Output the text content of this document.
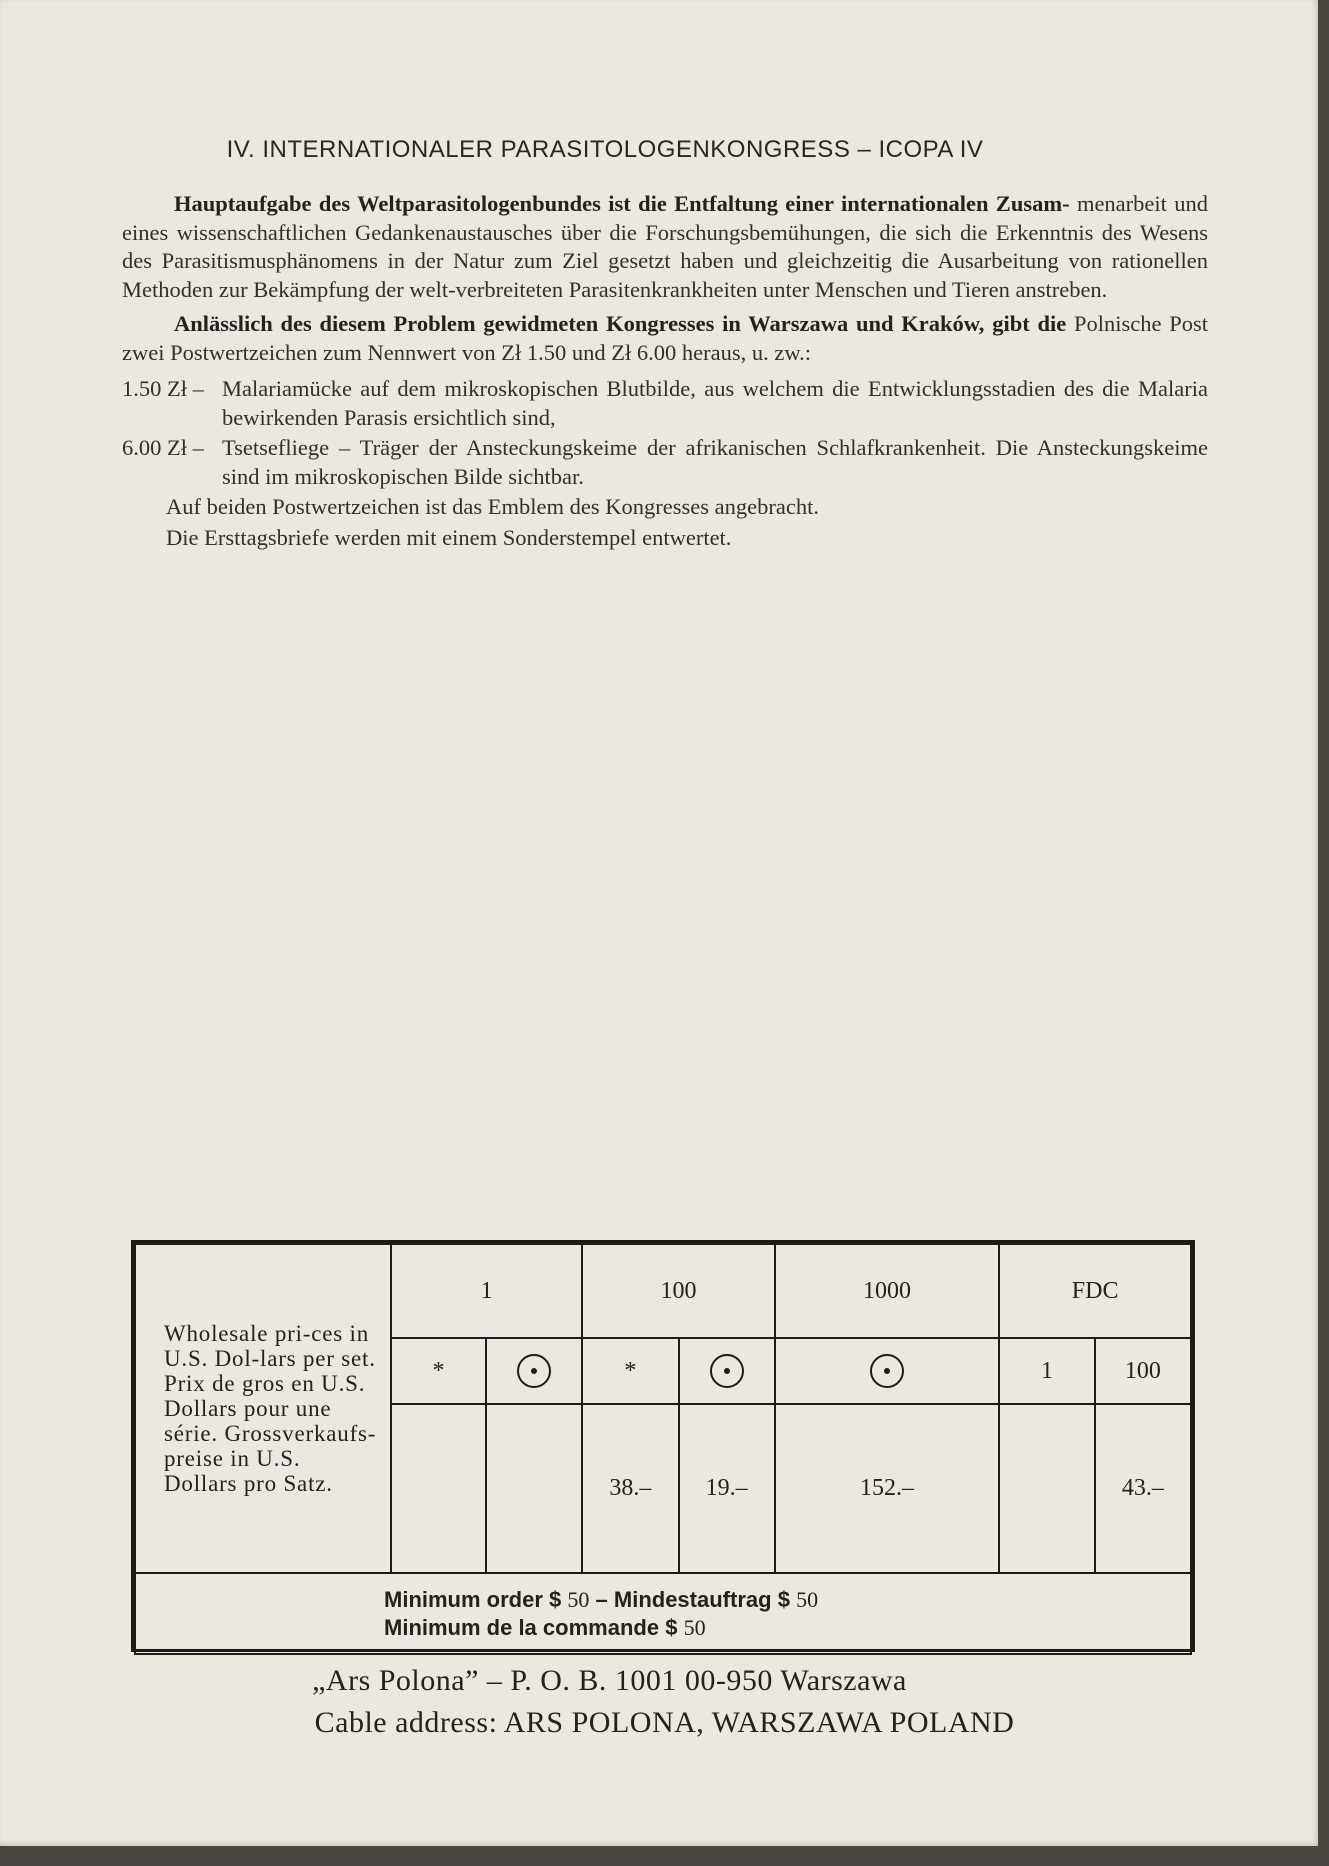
IV. INTERNATIONALER PARASITOLOGENKONGRESS – ICOPA IV
Hauptaufgabe des Weltparasitologenbundes ist die Entfaltung einer internationalen Zusam- menarbeit und eines wissenschaftlichen Gedankenaustausches über die Forschungsbemühungen, die sich die Erkenntnis des Wesens des Parasitismusphänomens in der Natur zum Ziel gesetzt haben und gleichzeitig die Ausarbeitung von rationellen Methoden zur Bekämpfung der welt-verbreiteten Parasitenkrankheiten unter Menschen und Tieren anstreben.
Anlässlich des diesem Problem gewidmeten Kongresses in Warszawa und Kraków, gibt die Polnische Post zwei Postwertzeichen zum Nennwert von Zł 1.50 und Zł 6.00 heraus, u. zw.:
1.50 Zł – Malariamücke auf dem mikroskopischen Blutbilde, aus welchem die Entwicklungsstadien des die Malaria bewirkenden Parasis ersichtlich sind,
6.00 Zł – Tsetsefliege – Träger der Ansteckungskeime der afrikanischen Schlafkrankenheit. Die Ansteckungskeime sind im mikroskopischen Bilde sichtbar.
Auf beiden Postwertzeichen ist das Emblem des Kongresses angebracht.
Die Ersttagsbriefe werden mit einem Sonderstempel entwertet.
Wholesale pri-ces in U.S. Dol-lars per set. Prix de gros en U.S. Dollars pour une série. Grossverkaufs-preise in U.S. Dollars pro Satz.	1		100		1000	FDC	
	*		*			1	100
			38.–	19.–	152.–		43.–

Minimum order $ 50 – Mindestauftrag $ 50
Minimum de la commande $ 50							
„Ars Polona” – P. O. B. 1001 00-950 Warszawa
Cable address: ARS POLONA, WARSZAWA POLAND
